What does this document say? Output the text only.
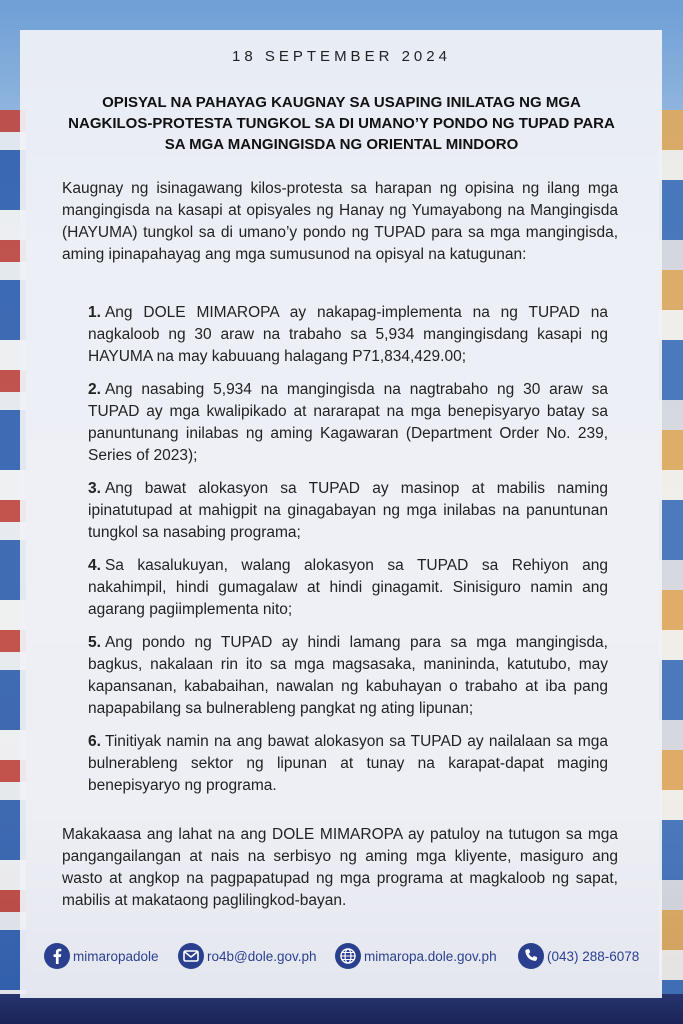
18 SEPTEMBER 2024
OPISYAL NA PAHAYAG KAUGNAY SA USAPING INILATAG NG MGA NAGKILOS-PROTESTA TUNGKOL SA DI UMANO’Y PONDO NG TUPAD PARA SA MGA MANGINGISDA NG ORIENTAL MINDORO
Kaugnay ng isinagawang kilos-protesta sa harapan ng opisina ng ilang mga mangingisda na kasapi at opisyales ng Hanay ng Yumayabong na Mangingisda (HAYUMA) tungkol sa di umano’y pondo ng TUPAD para sa mga mangingisda, aming ipinapahayag ang mga sumusunod na opisyal na katugunan:
1. Ang DOLE MIMAROPA ay nakapag-implementa na ng TUPAD na nagkaloob ng 30 araw na trabaho sa 5,934 mangingisdang kasapi ng HAYUMA na may kabuuang halagang P71,834,429.00;
2. Ang nasabing 5,934 na mangingisda na nagtrabaho ng 30 araw sa TUPAD ay mga kwalipikado at nararapat na mga benepisyaryo batay sa panuntunang inilabas ng aming Kagawaran (Department Order No. 239, Series of 2023);
3. Ang bawat alokasyon sa TUPAD ay masinop at mabilis naming ipinatutupad at mahigpit na ginagabayan ng mga inilabas na panuntunan tungkol sa nasabing programa;
4. Sa kasalukuyan, walang alokasyon sa TUPAD sa Rehiyon ang nakahimpil, hindi gumagalaw at hindi ginagamit. Sinisiguro namin ang agarang pagiimplementa nito;
5. Ang pondo ng TUPAD ay hindi lamang para sa mga mangingisda, bagkus, nakalaan rin ito sa mga magsasaka, manininda, katutubo, may kapansanan, kababaihan, nawalan ng kabuhayan o trabaho at iba pang napapabilang sa bulnerableng pangkat ng ating lipunan;
6. Tinitiyak namin na ang bawat alokasyon sa TUPAD ay nailalaan sa mga bulnerableng sektor ng lipunan at tunay na karapat-dapat maging benepisyaryo ng programa.
Makakaasa ang lahat na ang DOLE MIMAROPA ay patuloy na tutugon sa mga pangangailangan at nais na serbisyo ng aming mga kliyente, masiguro ang wasto at angkop na pagpapatupad ng mga programa at magkaloob ng sapat, mabilis at makataong paglilingkod-bayan.
mimaropadole	ro4b@dole.gov.ph	mimaropa.dole.gov.ph	(043) 288-6078
